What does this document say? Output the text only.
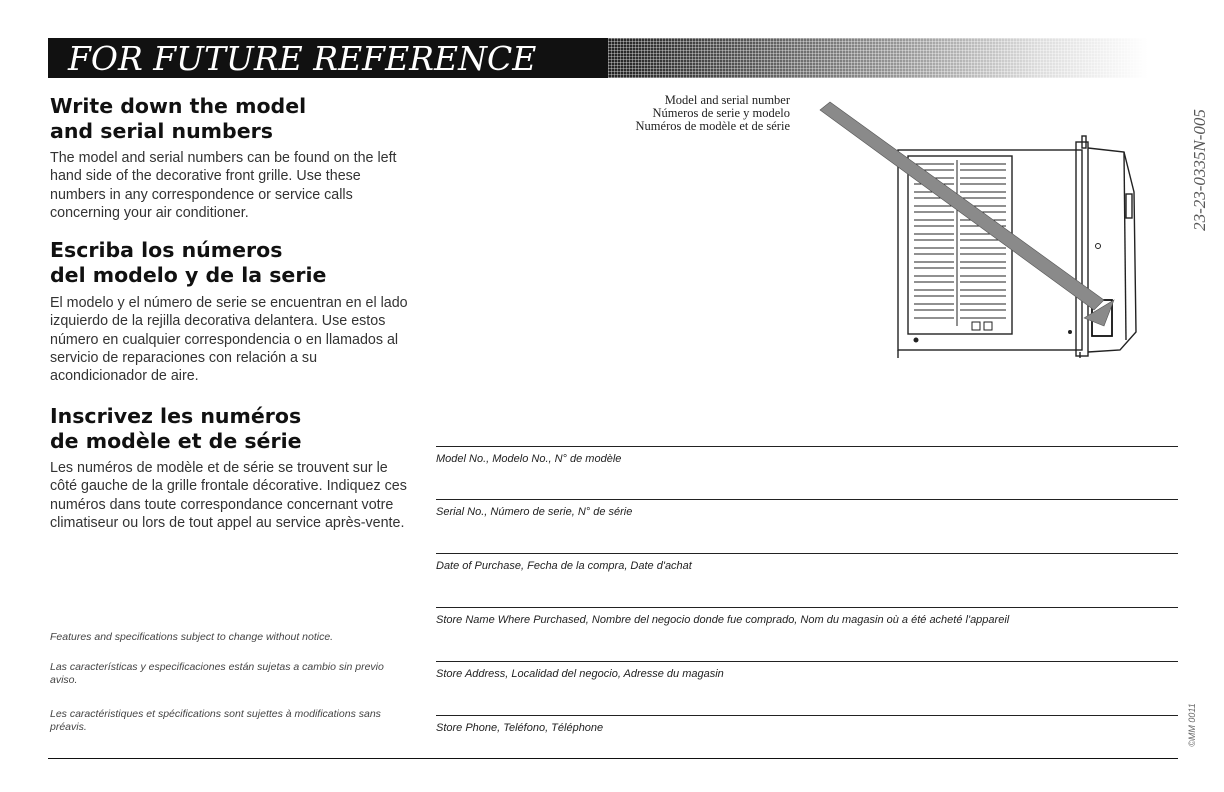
FOR FUTURE REFERENCE
Write down the model
and serial numbers

The model and serial numbers can be found on the left hand side of the decorative front grille. Use these numbers in any correspondence or service calls concerning your air conditioner.

Escriba los números
del modelo y de la serie

El modelo y el número de serie se encuentran en el lado izquierdo de la rejilla decorativa delantera. Use estos número en cualquier correspondencia o en llamados al servicio de reparaciones con relación a su acondicionador de aire.

Inscrivez les numéros
de modèle et de série

Les numéros de modèle et de série se trouvent sur le côté gauche de la grille frontale décorative. Indiquez ces numéros dans toute correspondance concernant votre climatiseur ou lors de tout appel au service après-vente.

Features and specifications subject to change without notice.

Las características y especificaciones están sujetas a cambio sin previo aviso.

Les caractéristiques et spécifications sont sujettes à modifications sans préavis.

Model and serial number
Números de serie y modelo
Numéros de modèle et de série	23-23-0335N-005
Model No., Modelo No., N° de modèle
Serial No., Número de serie, N° de série
Date of Purchase, Fecha de la compra, Date d'achat
Store Name Where Purchased, Nombre del negocio donde fue comprado, Nom du magasin où a été acheté l'appareil
Store Address, Localidad del negocio, Adresse du magasin
Store Phone, Teléfono, Téléphone	©MM 0011
